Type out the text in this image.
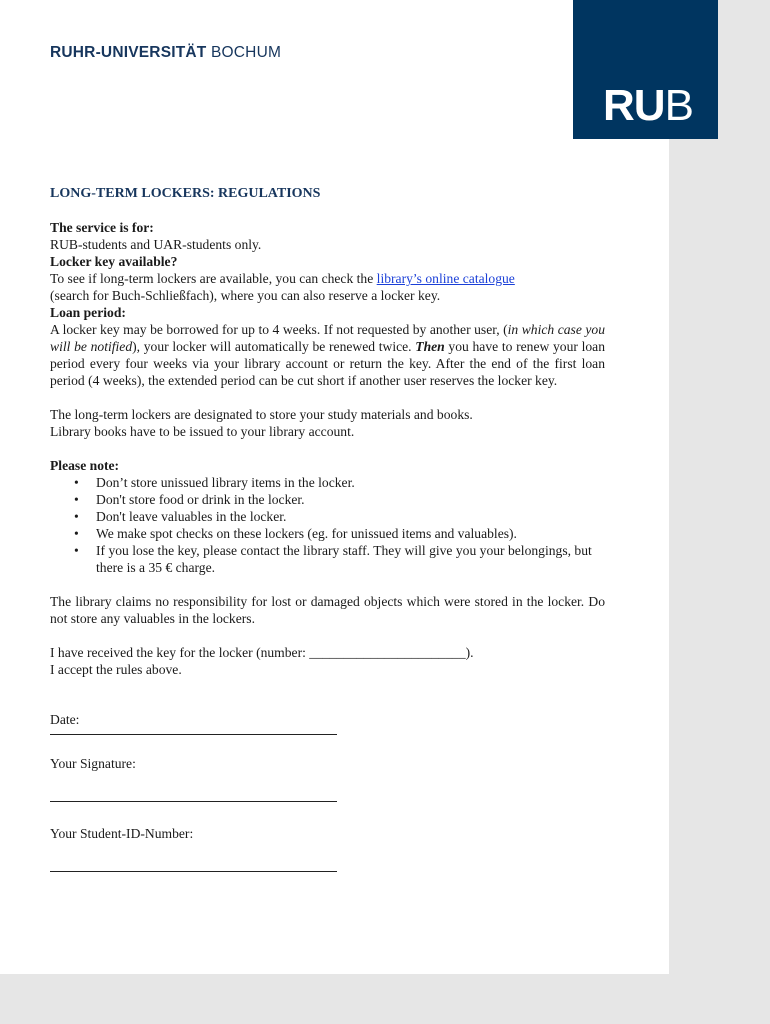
RUHR-UNIVERSITÄT BOCHUM
LONG-TERM LOCKERS: REGULATIONS

The service is for:

RUB-students and UAR-students only.

Locker key available?

To see if long-term lockers are available, you can check the library’s online catalogue
(search for Buch-Schließfach), where you can also reserve a locker key.

Loan period:

A locker key may be borrowed for up to 4 weeks. If not requested by another user, (in which case you will be notified), your locker will automatically be renewed twice. Then you have to renew your loan period every four weeks via your library account or return the key. After the end of the first loan period (4 weeks), the extended period can be cut short if another user reserves the locker key.

The long-term lockers are designated to store your study materials and books.

Library books have to be issued to your library account.

Please note:

• Don’t store unissued library items in the locker.
• Don't store food or drink in the locker.
• Don't leave valuables in the locker.
• We make spot checks on these lockers (eg. for unissued items and valuables).
• If you lose the key, please contact the library staff. They will give you your belongings, but there is a 35 € charge.

The library claims no responsibility for lost or damaged objects which were stored in the locker. Do not store any valuables in the lockers.

I have received the key for the locker (number: _______________________).

I accept the rules above.

Date:

Your Signature:

Your Student-ID-Number:

RUB
